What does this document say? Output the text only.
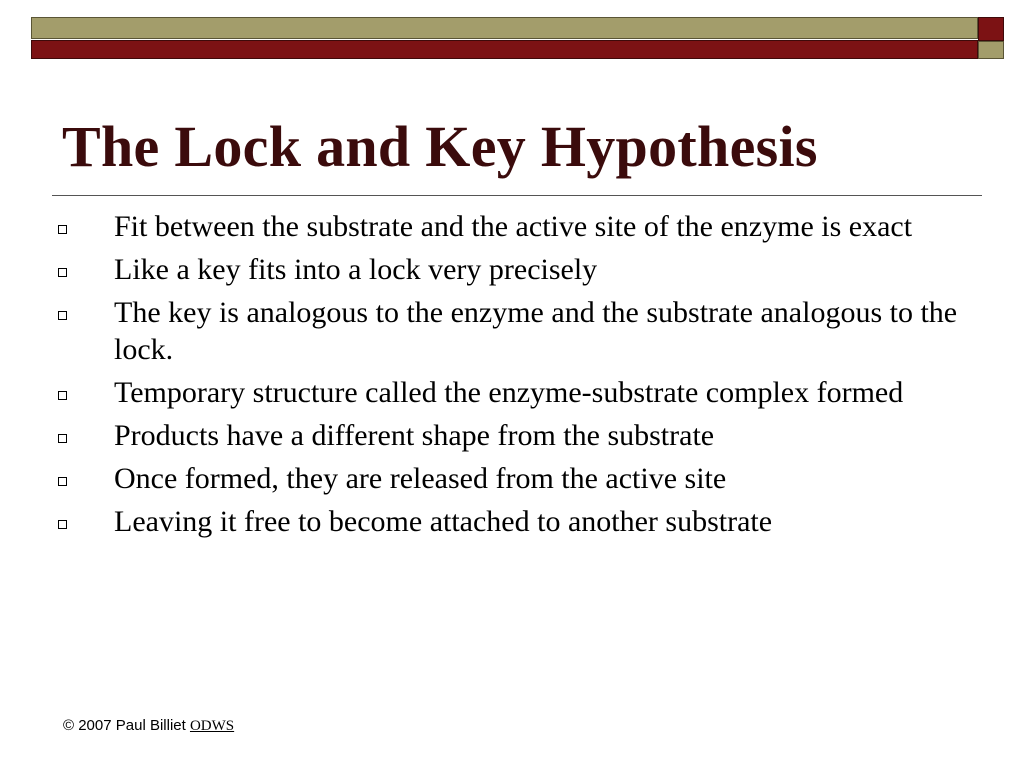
The Lock and Key Hypothesis
Fit between the substrate and the active site of the enzyme is exact
Like a key fits into a lock very precisely
The key is analogous to the enzyme and the substrate analogous to the lock.
Temporary structure called the enzyme-substrate complex formed
Products have a different shape from the substrate
Once formed, they are released from the active site
Leaving it free to become attached to another substrate
© 2007 Paul Billiet ODWS
